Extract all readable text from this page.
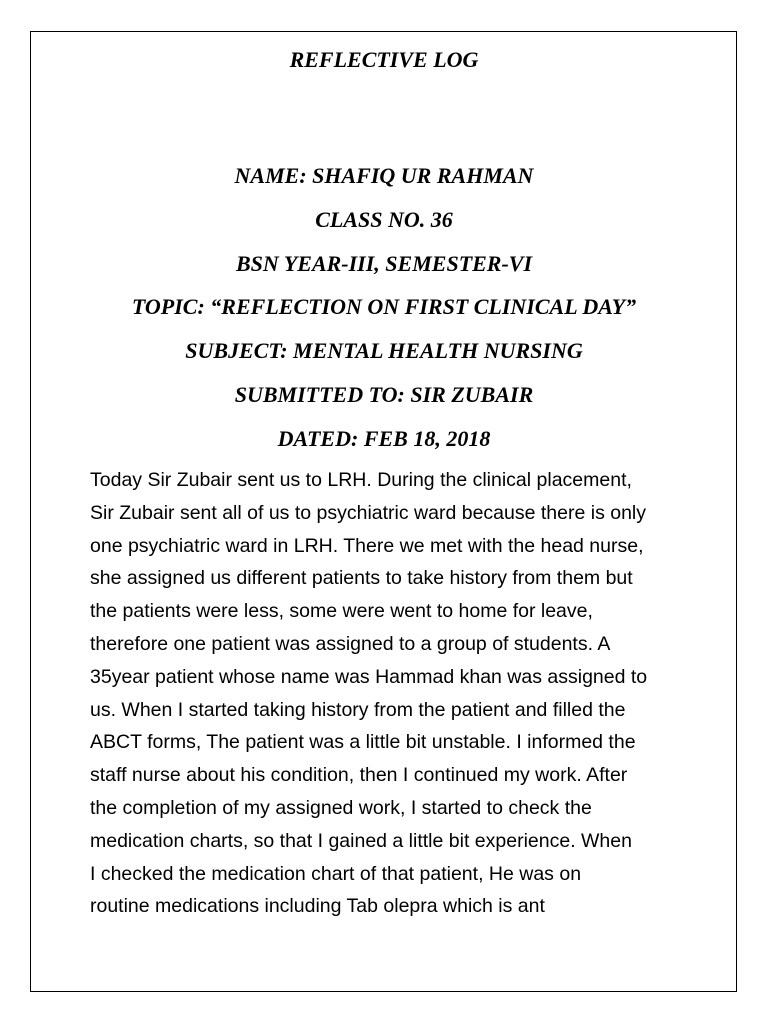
REFLECTIVE LOG
NAME: SHAFIQ UR RAHMAN
CLASS NO. 36
BSN YEAR-III, SEMESTER-VI
TOPIC: “REFLECTION ON FIRST CLINICAL DAY”
SUBJECT: MENTAL HEALTH NURSING
SUBMITTED TO: SIR ZUBAIR
DATED: FEB 18, 2018
Today Sir Zubair sent us to LRH. During the clinical placement,
Sir Zubair sent all of us to psychiatric ward because there is only
one psychiatric ward in LRH. There we met with the head nurse,
she assigned us different patients to take history from them but
the patients were less, some were went to home for leave,
therefore one patient was assigned to a group of students. A
35year patient whose name was Hammad khan was assigned to
us. When I started taking history from the patient and filled the
ABCT forms, The patient was a little bit unstable. I informed the
staff nurse about his condition, then I continued my work. After
the completion of my assigned work, I started to check the
medication charts, so that I gained a little bit experience. When
I checked the medication chart of that patient, He was on
routine medications including Tab olepra which is ant
